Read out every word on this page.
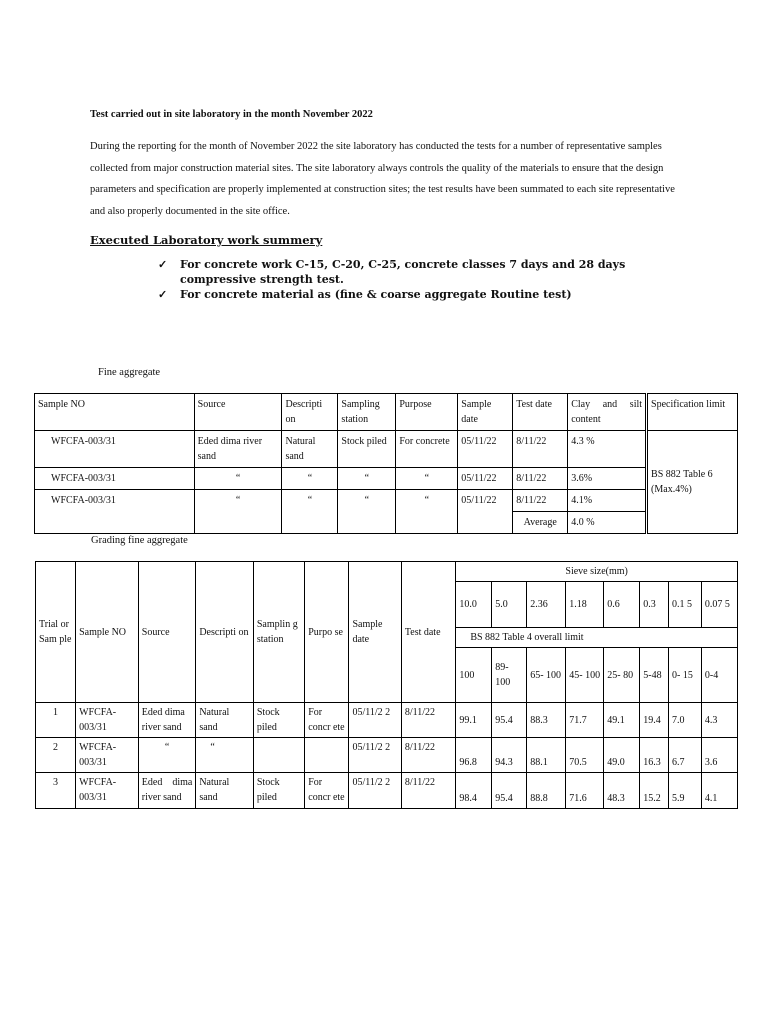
Test carried out in site laboratory in the month November 2022
During the reporting for the month of November 2022 the site laboratory has conducted the tests for a number of representative samples collected from major construction material sites. The site laboratory always controls the quality of the materials to ensure that the design parameters and specification are properly implemented at construction sites; the test results have been summated to each site representative and also properly documented in the site office.
Executed Laboratory work summery
✓	For concrete work C-15, C-20, C-25, concrete classes 7 days and 28 days compressive strength test.
✓	For concrete material as (fine & coarse aggregate Routine test)
Fine aggregate
Sample NO	Source	Descripti on	Sampling station	Purpose	Sample date	Test date	Clay and silt content	Specification limit
WFCFA-003/31	Eded dima river sand	Natural sand	Stock piled	For concrete	05/11/22	8/11/22	4.3 %	BS 882 Table 6 (Max.4%)
WFCFA-003/31	“	“	“	“	05/11/22	8/11/22	3.6%	
WFCFA-003/31	“	“	“	“	05/11/22	8/11/22	4.1%	
						Average	4.0 %	
Grading fine aggregate
Trial or Sam ple	Sample NO	Source	Descripti on	Samplin g station	Purpo se	Sample date	Test date	Sieve size(mm)							
								10.0	5.0	2.36	1.18	0.6	0.3	0.1 5	0.07 5
								BS 882 Table 4 overall limit							
								100	89- 100	65- 100	45- 100	25- 80	5-48	0- 15	0-4
1	WFCFA- 003/31	Eded dima river sand	Natural sand	Stock piled	For concr ete	05/11/2 2	8/11/22	99.1	95.4	88.3	71.7	49.1	19.4	7.0	4.3
2	WFCFA- 003/31	“	“			05/11/2 2	8/11/22	96.8	94.3	88.1	70.5	49.0	16.3	6.7	3.6
3	WFCFA- 003/31	Eded dima river sand	Natural sand	Stock piled	For concr ete	05/11/2 2	8/11/22	98.4	95.4	88.8	71.6	48.3	15.2	5.9	4.1
